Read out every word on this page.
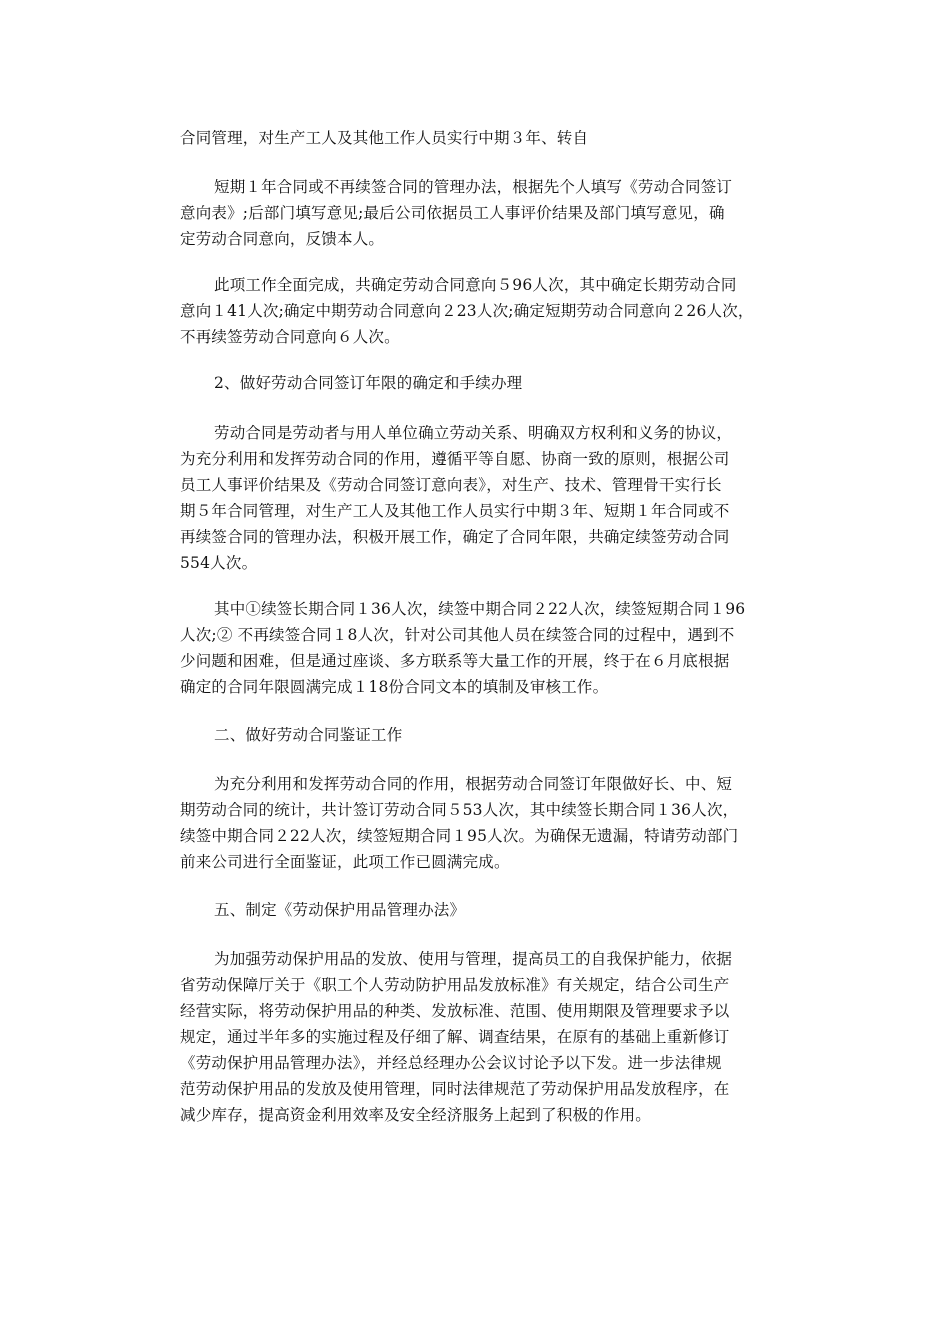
合同管理，对生产工人及其他工作人员实行中期３年、转自
短期１年合同或不再续签合同的管理办法，根据先个人填写《劳动合同签订
意向表》;后部门填写意见;最后公司依据员工人事评价结果及部门填写意见，确
定劳动合同意向，反馈本人。
此项工作全面完成，共确定劳动合同意向５96人次，其中确定长期劳动合同
意向１41人次;确定中期劳动合同意向２23人次;确定短期劳动合同意向２26人次，
不再续签劳动合同意向６人次。
2、做好劳动合同签订年限的确定和手续办理
劳动合同是劳动者与用人单位确立劳动关系、明确双方权利和义务的协议，
为充分利用和发挥劳动合同的作用，遵循平等自愿、协商一致的原则，根据公司
员工人事评价结果及《劳动合同签订意向表》，对生产、技术、管理骨干实行长
期５年合同管理，对生产工人及其他工作人员实行中期３年、短期１年合同或不
再续签合同的管理办法，积极开展工作，确定了合同年限，共确定续签劳动合同
554人次。
其中①续签长期合同１36人次，续签中期合同２22人次，续签短期合同１96
人次;② 不再续签合同１8人次，针对公司其他人员在续签合同的过程中，遇到不
少问题和困难，但是通过座谈、多方联系等大量工作的开展，终于在６月底根据
确定的合同年限圆满完成１18份合同文本的填制及审核工作。
二、做好劳动合同鉴证工作
为充分利用和发挥劳动合同的作用，根据劳动合同签订年限做好长、中、短
期劳动合同的统计，共计签订劳动合同５53人次，其中续签长期合同１36人次，
续签中期合同２22人次，续签短期合同１95人次。为确保无遗漏，特请劳动部门
前来公司进行全面鉴证，此项工作已圆满完成。
五、制定《劳动保护用品管理办法》
为加强劳动保护用品的发放、使用与管理，提高员工的自我保护能力，依据
省劳动保障厅关于《职工个人劳动防护用品发放标准》有关规定，结合公司生产
经营实际，将劳动保护用品的种类、发放标准、范围、使用期限及管理要求予以
规定，通过半年多的实施过程及仔细了解、调查结果，在原有的基础上重新修订
《劳动保护用品管理办法》，并经总经理办公会议讨论予以下发。进一步法律规
范劳动保护用品的发放及使用管理，同时法律规范了劳动保护用品发放程序，在
减少库存，提高资金利用效率及安全经济服务上起到了积极的作用。
